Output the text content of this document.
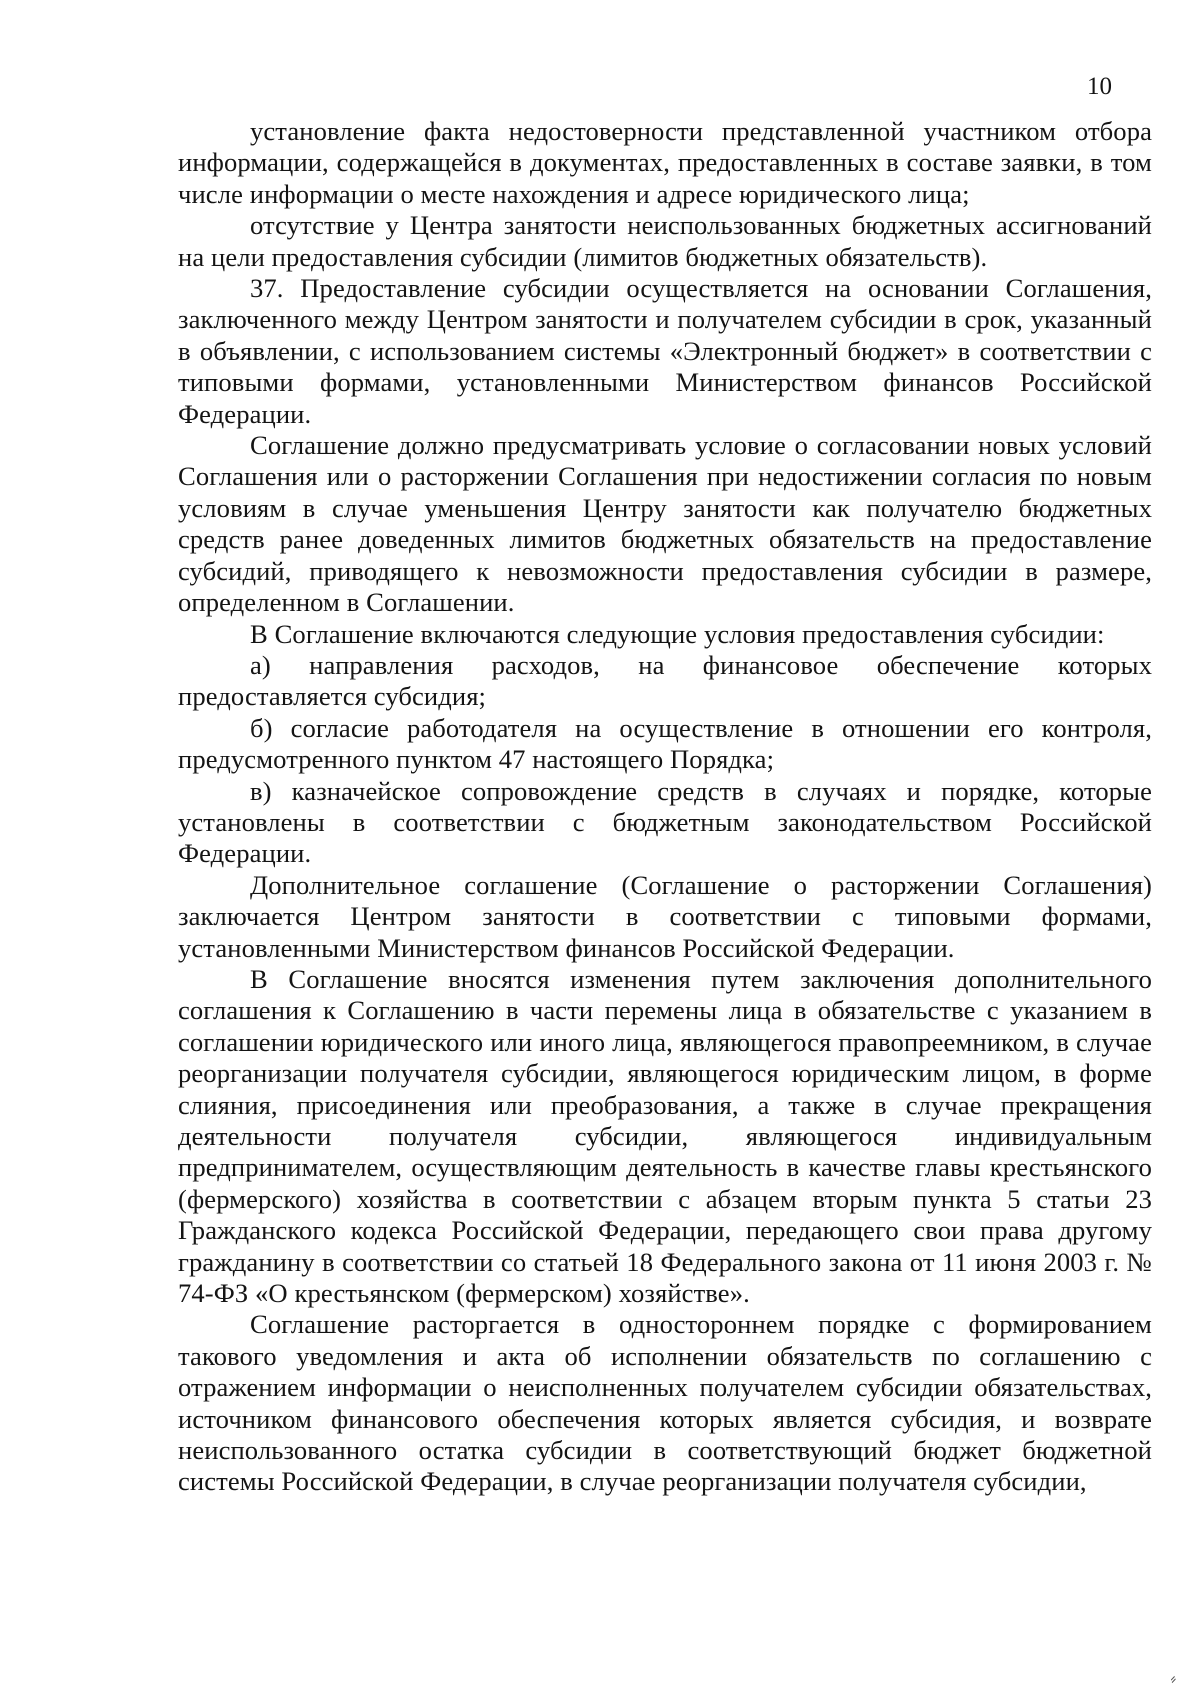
10

установление факта недостоверности представленной участником отбора информации, содержащейся в документах, предоставленных в составе заявки, в том числе информации о месте нахождения и адресе юридического лица;

отсутствие у Центра занятости неиспользованных бюджетных ассигнований на цели предоставления субсидии (лимитов бюджетных обязательств).

37. Предоставление субсидии осуществляется на основании Соглашения, заключенного между Центром занятости и получателем субсидии в срок, указанный в объявлении, с использованием системы «Электронный бюджет» в соответствии с типовыми формами, установленными Министерством финансов Российской Федерации.

Соглашение должно предусматривать условие о согласовании новых условий Соглашения или о расторжении Соглашения при недостижении согласия по новым условиям в случае уменьшения Центру занятости как получателю бюджетных средств ранее доведенных лимитов бюджетных обязательств на предоставление субсидий, приводящего к невозможности предоставления субсидии в размере, определенном в Соглашении.

В Соглашение включаются следующие условия предоставления субсидии:

а) направления расходов, на финансовое обеспечение которых предоставляется субсидия;

б) согласие работодателя на осуществление в отношении его контроля, предусмотренного пунктом 47 настоящего Порядка;

в) казначейское сопровождение средств в случаях и порядке, которые установлены в соответствии с бюджетным законодательством Российской Федерации.

Дополнительное соглашение (Соглашение о расторжении Соглашения) заключается Центром занятости в соответствии с типовыми формами, установленными Министерством финансов Российской Федерации.

В Соглашение вносятся изменения путем заключения дополнительного соглашения к Соглашению в части перемены лица в обязательстве с указанием в соглашении юридического или иного лица, являющегося правопреемником, в случае реорганизации получателя субсидии, являющегося юридическим лицом, в форме слияния, присоединения или преобразования, а также в случае прекращения деятельности получателя субсидии, являющегося индивидуальным предпринимателем, осуществляющим деятельность в качестве главы крестьянского (фермерского) хозяйства в соответствии с абзацем вторым пункта 5 статьи 23 Гражданского кодекса Российской Федерации, передающего свои права другому гражданину в соответствии со статьей 18 Федерального закона от 11 июня 2003 г. № 74-ФЗ «О крестьянском (фермерском) хозяйстве».

Соглашение расторгается в одностороннем порядке с формированием такового уведомления и акта об исполнении обязательств по соглашению с отражением информации о неисполненных получателем субсидии обязательствах, источником финансового обеспечения которых является субсидия, и возврате неиспользованного остатка субсидии в соответствующий бюджет бюджетной системы Российской Федерации, в случае реорганизации получателя субсидии,

⸗
